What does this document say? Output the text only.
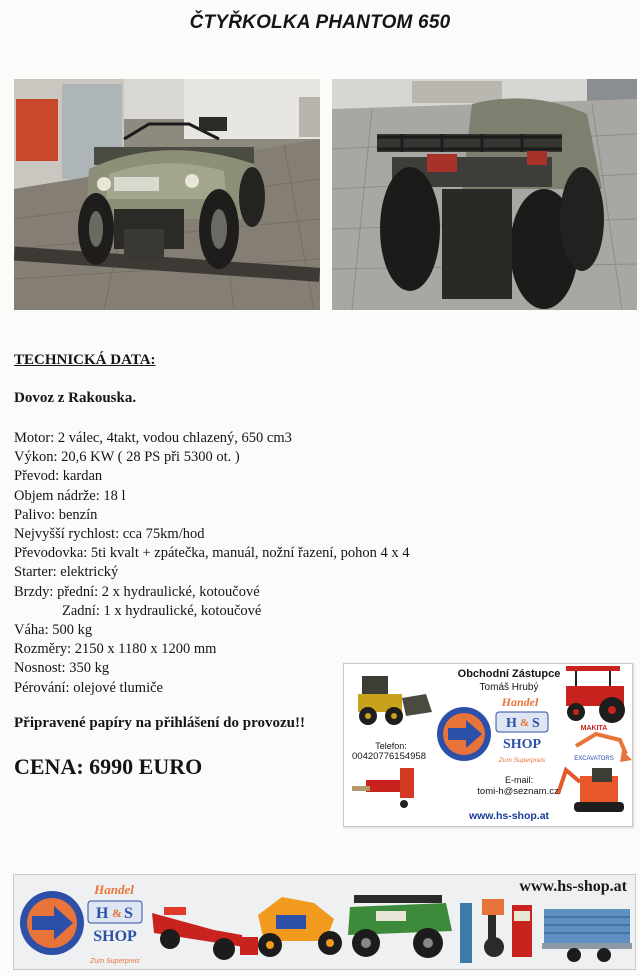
ČTYŘKOLKA PHANTOM 650
TECHNICKÁ DATA:
Dovoz z Rakouska.
Motor: 2 válec, 4takt, vodou chlazený, 650 cm3
Výkon: 20,6 KW ( 28 PS při 5300 ot. )
Převod: kardan
Objem nádrže: 18 l
Palivo: benzín
Nejvyšší rychlost: cca 75km/hod
Převodovka: 5ti kvalt + zpátečka, manuál, nožní řazení, pohon 4 x 4
Starter: elektrický
Brzdy: přední: 2 x hydraulické, kotoučové
Zadní: 1 x hydraulické, kotoučové
Váha: 500 kg
Rozměry: 2150 x 1180 x 1200 mm
Nosnost: 350 kg
Pérování: olejové tlumiče
Připravené papíry na přihlášení do provozu!!
CENA: 6990 EURO
Handel
H & S
SHOP
Zum Superpreis
MAKITA
EXCAVATORS
Obchodní Zástupce
Tomáš Hrubý
Telefon:
00420776154958
E-mail:
tomi-h@seznam.cz
www.hs-shop.at
Handel
H & S
SHOP
Zum Superpreis
www.hs-shop.at
